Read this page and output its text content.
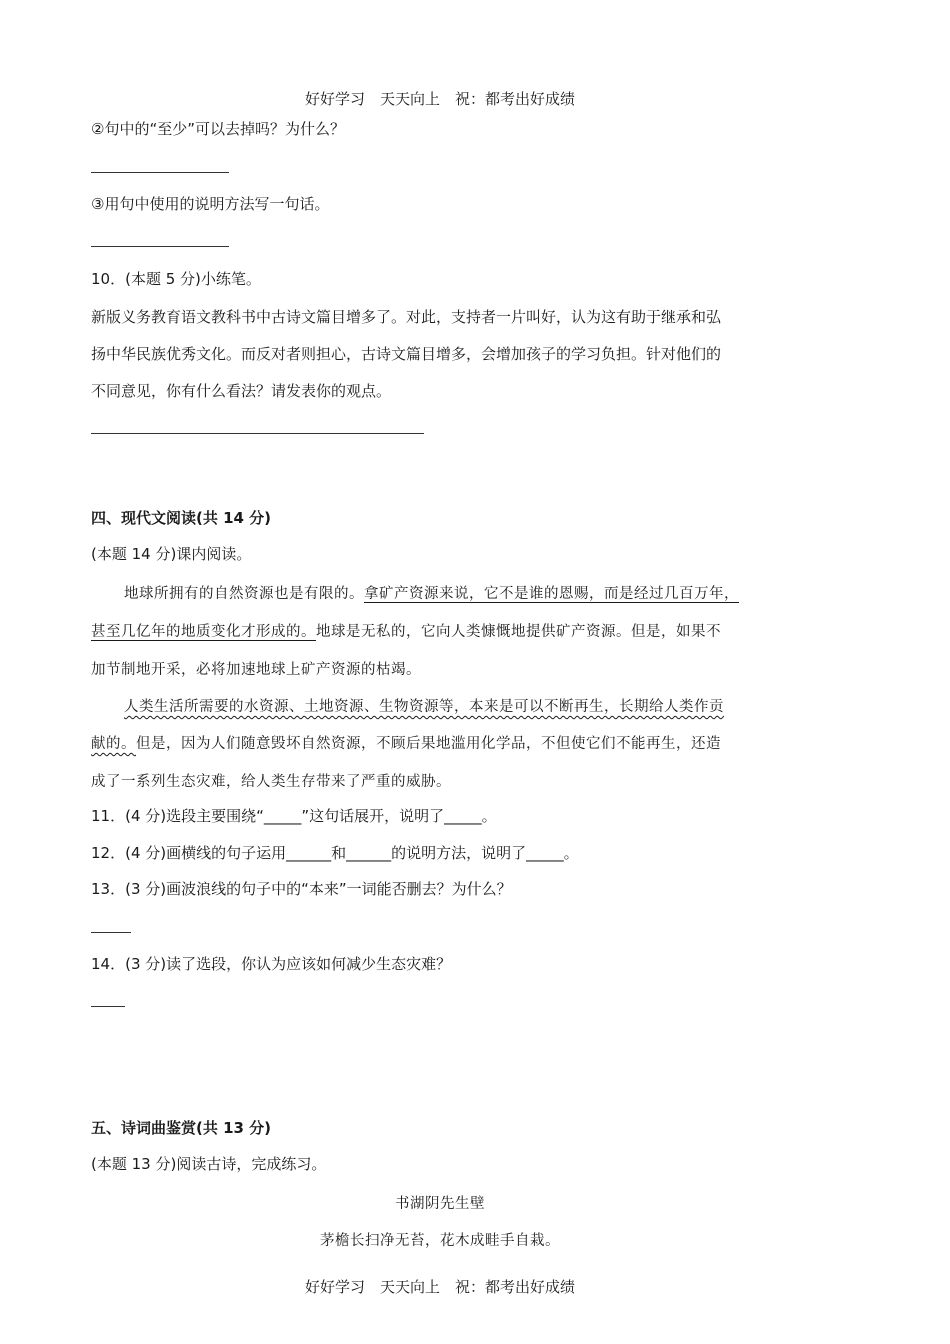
好好学习　天天向上　祝：都考出好成绩
②句中的“至少”可以去掉吗？为什么？
③用句中使用的说明方法写一句话。
10．(本题 5 分)小练笔。
新版义务教育语文教科书中古诗文篇目增多了。对此，支持者一片叫好，认为这有助于继承和弘
扬中华民族优秀文化。而反对者则担心，古诗文篇目增多，会增加孩子的学习负担。针对他们的
不同意见，你有什么看法？请发表你的观点。
四、现代文阅读(共 14 分)
(本题 14 分)课内阅读。
地球所拥有的自然资源也是有限的。拿矿产资源来说，它不是谁的恩赐，而是经过几百万年，
甚至几亿年的地质变化才形成的。地球是无私的，它向人类慷慨地提供矿产资源。但是，如果不
加节制地开采，必将加速地球上矿产资源的枯竭。
人类生活所需要的水资源、土地资源、生物资源等，本来是可以不断再生，长期给人类作贡
献的。但是，因为人们随意毁坏自然资源，不顾后果地滥用化学品，不但使它们不能再生，还造
成了一系列生态灾难，给人类生存带来了严重的威胁。
11．(4 分)选段主要围绕“_____”这句话展开，说明了_____。
12．(4 分)画横线的句子运用______和______的说明方法，说明了_____。
13．(3 分)画波浪线的句子中的“本来”一词能否删去？为什么？
14．(3 分)读了选段，你认为应该如何减少生态灾难？
五、诗词曲鉴赏(共 13 分)
(本题 13 分)阅读古诗，完成练习。
书湖阴先生壁
茅檐长扫净无苔，花木成畦手自栽。
好好学习　天天向上　祝：都考出好成绩
